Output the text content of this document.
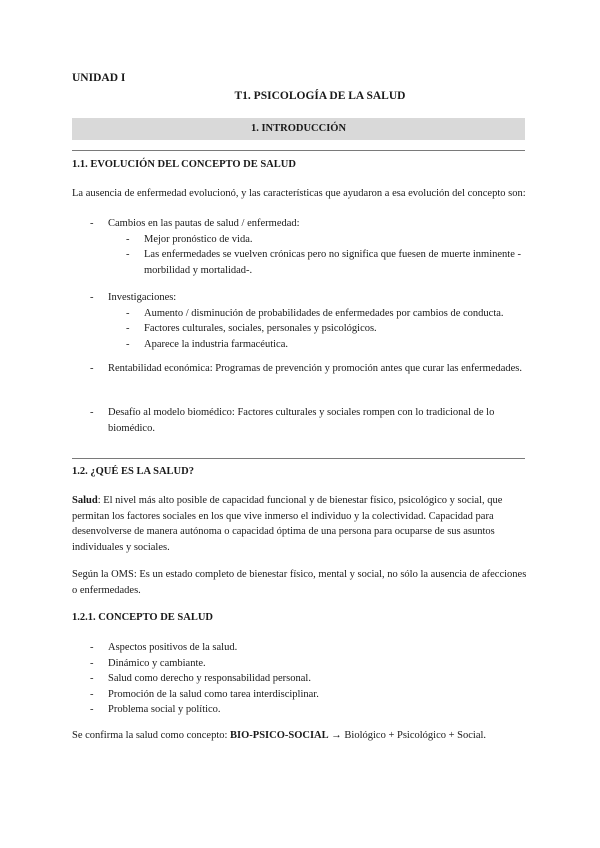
UNIDAD I
T1. PSICOLOGÍA DE LA SALUD
1. INTRODUCCIÓN
1.1. EVOLUCIÓN DEL CONCEPTO DE SALUD
La ausencia de enfermedad evolucionó, y las características que ayudaron a esa evolución del concepto son:
- Cambios en las pautas de salud / enfermedad:
- Mejor pronóstico de vida.
- Las enfermedades se vuelven crónicas pero no significa que fuesen de muerte inminente -morbilidad y mortalidad-.
- Investigaciones:
- Aumento / disminución de probabilidades de enfermedades por cambios de conducta.
- Factores culturales, sociales, personales y psicológicos.
- Aparece la industria farmacéutica.
- Rentabilidad económica: Programas de prevención y promoción antes que curar las enfermedades.
- Desafío al modelo biomédico: Factores culturales y sociales rompen con lo tradicional de lo biomédico.
1.2. ¿QUÉ ES LA SALUD?
Salud: El nivel más alto posible de capacidad funcional y de bienestar físico, psicológico y social, que permitan los factores sociales en los que vive inmerso el individuo y la colectividad. Capacidad para desenvolverse de manera autónoma o capacidad óptima de una persona para ocuparse de sus asuntos individuales y sociales.
Según la OMS: Es un estado completo de bienestar físico, mental y social, no sólo la ausencia de afecciones o enfermedades.
1.2.1. CONCEPTO DE SALUD
- Aspectos positivos de la salud.
- Dinámico y cambiante.
- Salud como derecho y responsabilidad personal.
- Promoción de la salud como tarea interdisciplinar.
- Problema social y político.
Se confirma la salud como concepto: BIO-PSICO-SOCIAL → Biológico + Psicológico + Social.
